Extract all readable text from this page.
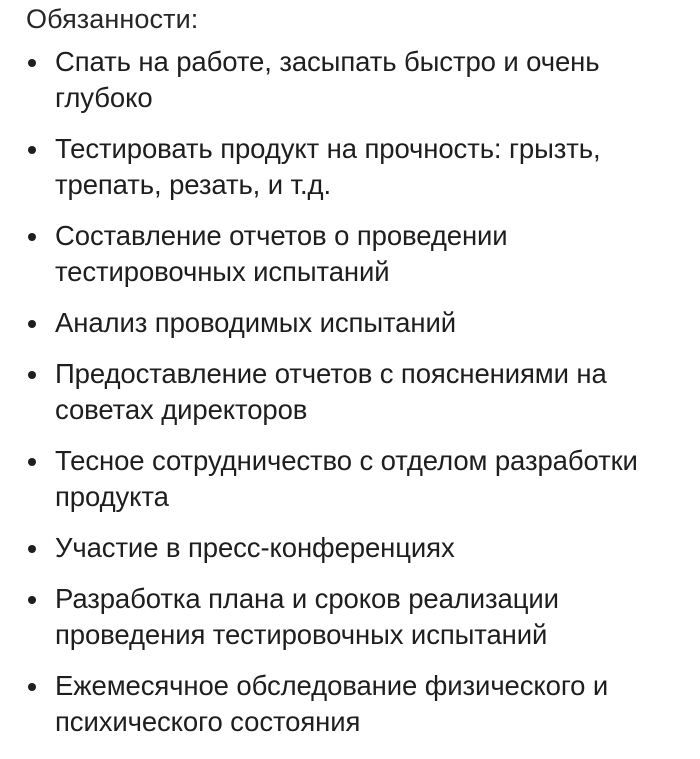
Обязанности:
Спать на работе, засыпать быстро и очень глубоко
Тестировать продукт на прочность: грызть, трепать, резать, и т.д.
Составление отчетов о проведении тестировочных испытаний
Анализ проводимых испытаний
Предоставление отчетов с пояснениями на советах директоров
Тесное сотрудничество с отделом разработки продукта
Участие в пресс-конференциях
Разработка плана и сроков реализации проведения тестировочных испытаний
Ежемесячное обследование физического и психического состояния
